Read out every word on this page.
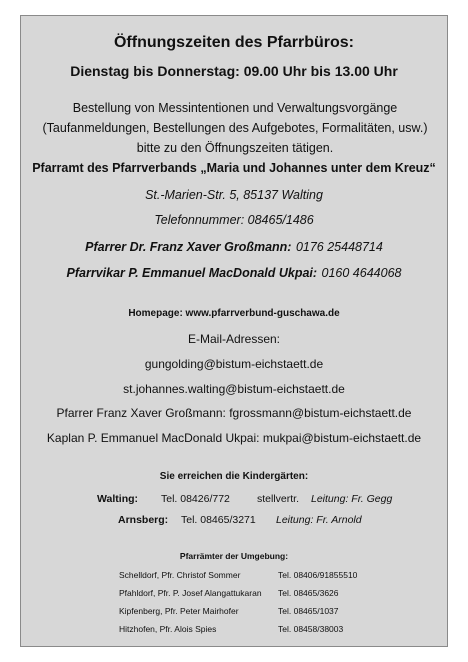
Öffnungszeiten des Pfarrbüros:
Dienstag bis Donnerstag: 09.00 Uhr bis 13.00 Uhr
Bestellung von Messintentionen und Verwaltungsvorgänge (Taufanmeldungen, Bestellungen des Aufgebotes, Formalitäten, usw.) bitte zu den Öffnungszeiten tätigen.
Pfarramt des Pfarrverbands „Maria und Johannes unter dem Kreuz“
St.-Marien-Str. 5, 85137 Walting
Telefonnummer: 08465/1486
Pfarrer Dr. Franz Xaver Großmann: 0176 25448714
Pfarrvikar P. Emmanuel MacDonald Ukpai: 0160 4644068
Homepage: www.pfarrverbund-guschawa.de
E-Mail-Adressen:
gungolding@bistum-eichstaett.de
st.johannes.walting@bistum-eichstaett.de
Pfarrer Franz Xaver Großmann: fgrossmann@bistum-eichstaett.de
Kaplan P. Emmanuel MacDonald Ukpai: mukpai@bistum-eichstaett.de
Sie erreichen die Kindergärten:
Walting: Tel. 08426/772	stellvertr. Leitung: Fr. Gegg
Arnsberg: Tel. 08465/3271 Leitung: Fr. Arnold
Pfarrämter der Umgebung:
Schelldorf, Pfr. Christof Sommer	Tel. 08406/91855510
Pfahldorf, Pfr. P. Josef Alangattukaran Tel. 08465/3626
Kipfenberg, Pfr. Peter Mairhofer	Tel. 08465/1037
Hitzhofen, Pfr. Alois Spies	Tel. 08458/38003
